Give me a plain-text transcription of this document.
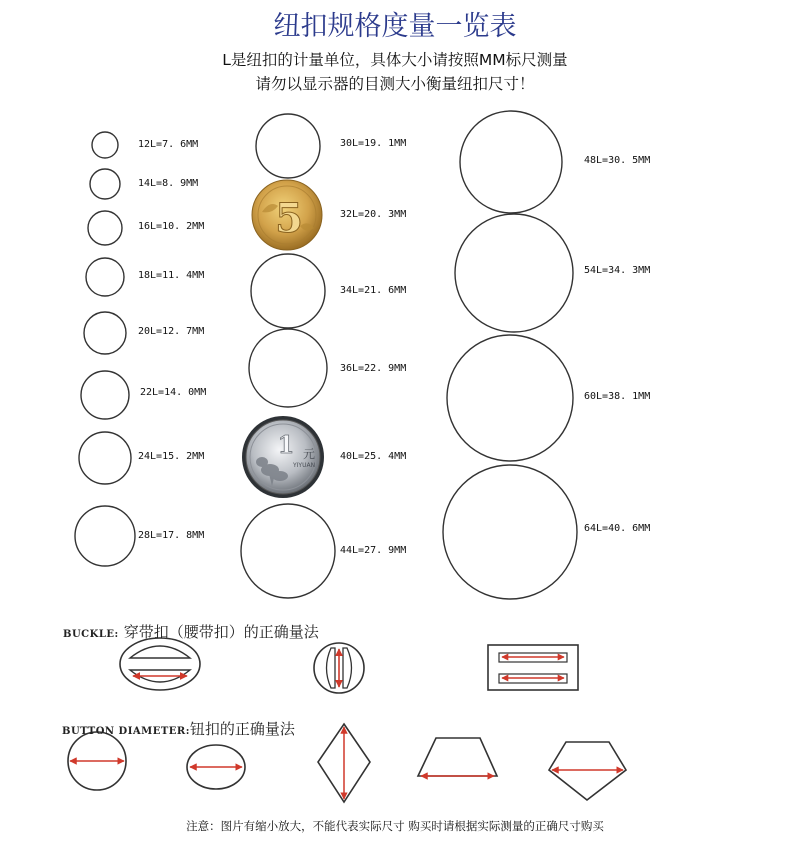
纽扣规格度量一览表
L是纽扣的计量单位，具体大小请按照MM标尺测量
请勿以显示器的目测大小衡量纽扣尺寸！
5
1 元
YIYUAN
12L=7. 6MM
14L=8. 9MM
16L=10. 2MM
18L=11. 4MM
20L=12. 7MM
22L=14. 0MM
24L=15. 2MM
28L=17. 8MM
30L=19. 1MM
32L=20. 3MM
34L=21. 6MM
36L=22. 9MM
40L=25. 4MM
44L=27. 9MM
48L=30. 5MM
54L=34. 3MM
60L=38. 1MM
64L=40. 6MM
BUCKLE: 穿带扣（腰带扣）的正确量法
BUTTON DIAMETER:钮扣的正确量法
注意：图片有缩小放大，不能代表实际尺寸 购买时请根据实际测量的正确尺寸购买
